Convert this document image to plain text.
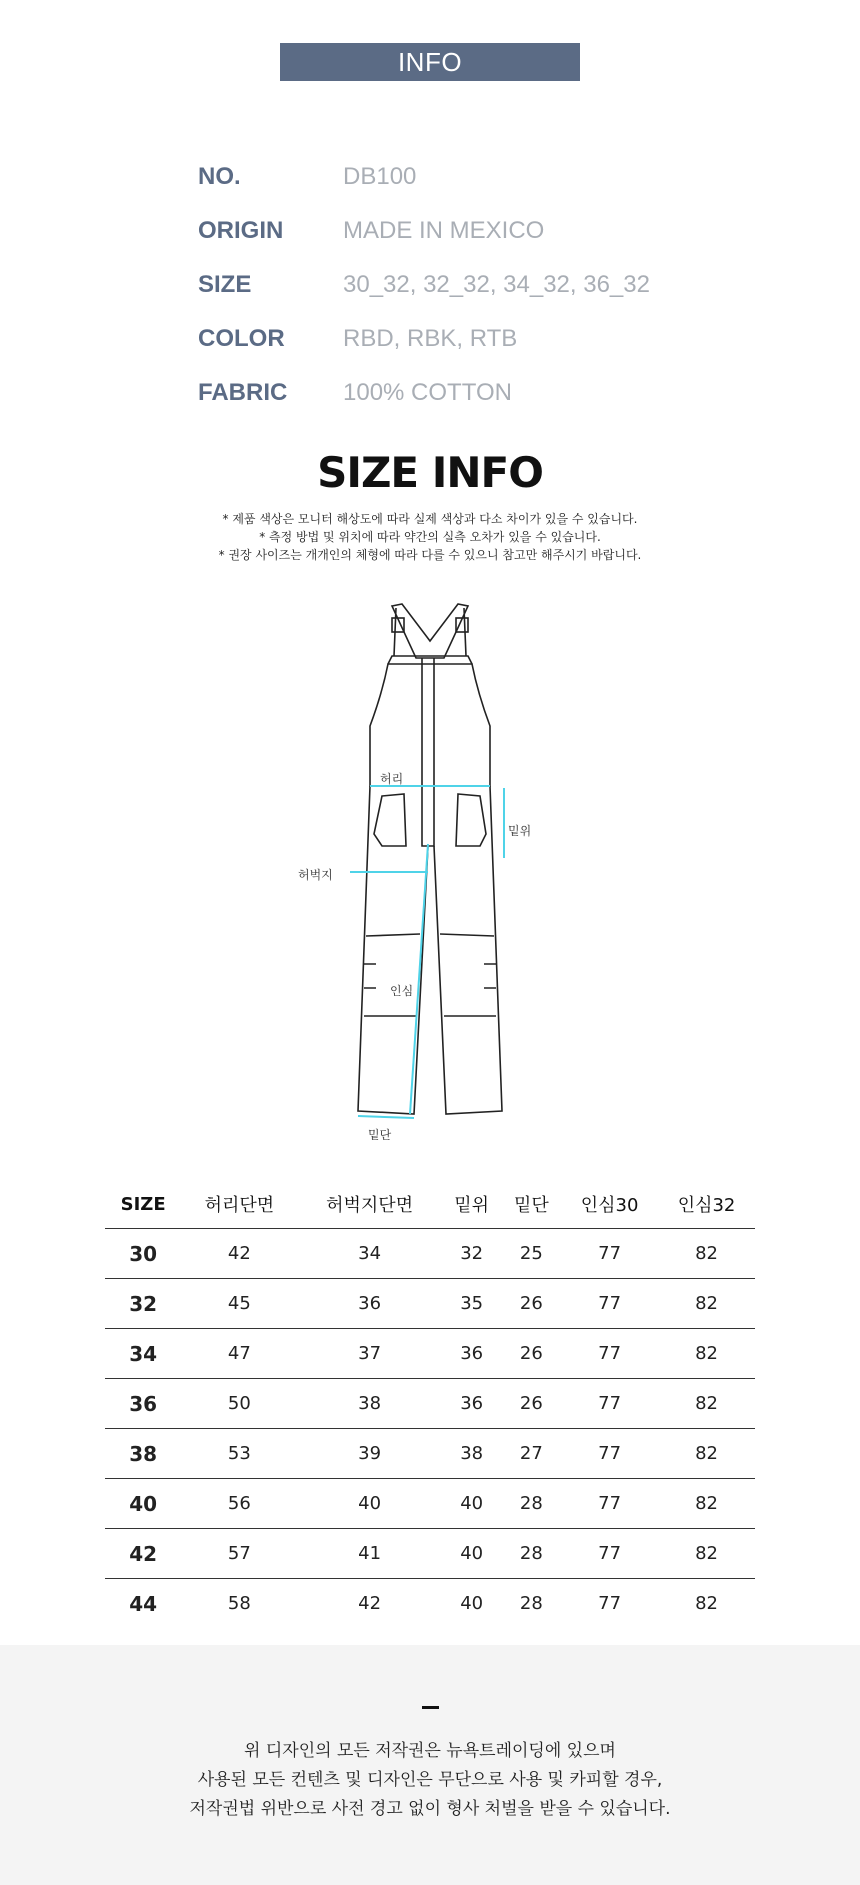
INFO
NO.	DB100
ORIGIN	MADE IN MEXICO
SIZE	30_32, 32_32, 34_32, 36_32
COLOR	RBD, RBK, RTB
FABRIC	100% COTTON
SIZE INFO
* 제품 색상은 모니터 해상도에 따라 실제 색상과 다소 차이가 있을 수 있습니다.
* 측정 방법 및 위치에 따라 약간의 실측 오차가 있을 수 있습니다.
* 권장 사이즈는 개개인의 체형에 따라 다를 수 있으니 참고만 해주시기 바랍니다.
허리
밑위
허벅지
인심
밑단
SIZE	허리단면	허벅지단면	밑위	밑단	인심30	인심32
30	42	34	32	25	77	82
32	45	36	35	26	77	82
34	47	37	36	26	77	82
36	50	38	36	26	77	82
38	53	39	38	27	77	82
40	56	40	40	28	77	82
42	57	41	40	28	77	82
44	58	42	40	28	77	82
위 디자인의 모든 저작권은 뉴욕트레이딩에 있으며
사용된 모든 컨텐츠 및 디자인은 무단으로 사용 및 카피할 경우,
저작권법 위반으로 사전 경고 없이 형사 처벌을 받을 수 있습니다.
